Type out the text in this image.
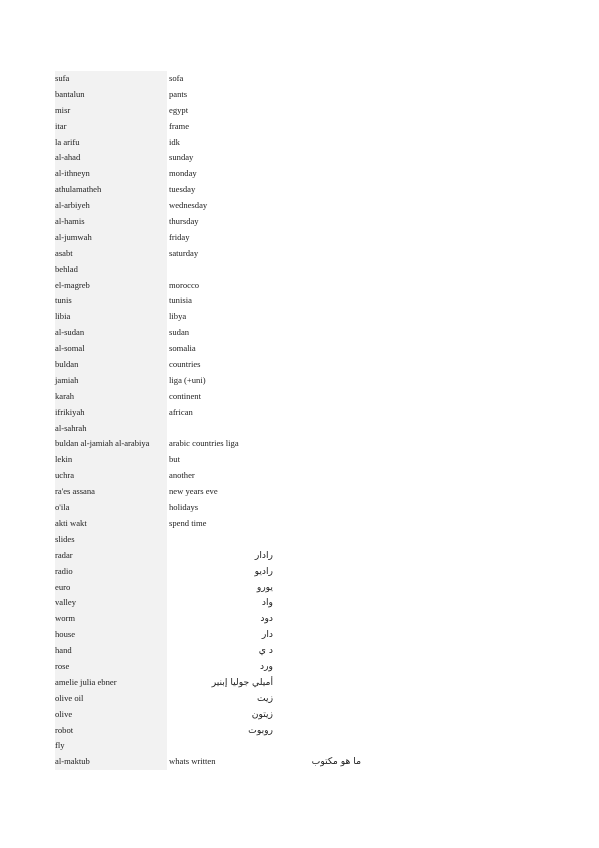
sufa	sofa
bantalun	pants
misr	egypt
itar	frame
la arifu	idk
al-ahad	sunday
al-ithneyn	monday
athulamatheh	tuesday
al-arbiyeh	wednesday
al-hamis	thursday
al-jumwah	friday
asabt	saturday
behlad
el-magreb	morocco
tunis	tunisia
libia	libya
al-sudan	sudan
al-somal	somalia
buldan	countries
jamiah	liga (+uni)
karah	continent
ifrikiyah	african
al-sahrah
buldan al-jamiah al-arabiya	arabic countries liga
lekin	but
uchra	another
ra'es assana	new years eve
o'ila	holidays
akti wakt	spend time
slides
radar	رادار
radio	راديو
euro	يورو
valley	واد
worm	دود
house	دار
hand	د ي
rose	ورد
amelie julia ebner	أميلي جوليا إبنير
olive oil	زيت
olive	زيتون
robot	روبوت
fly
al-maktub	whats written	ما هو مكتوب
